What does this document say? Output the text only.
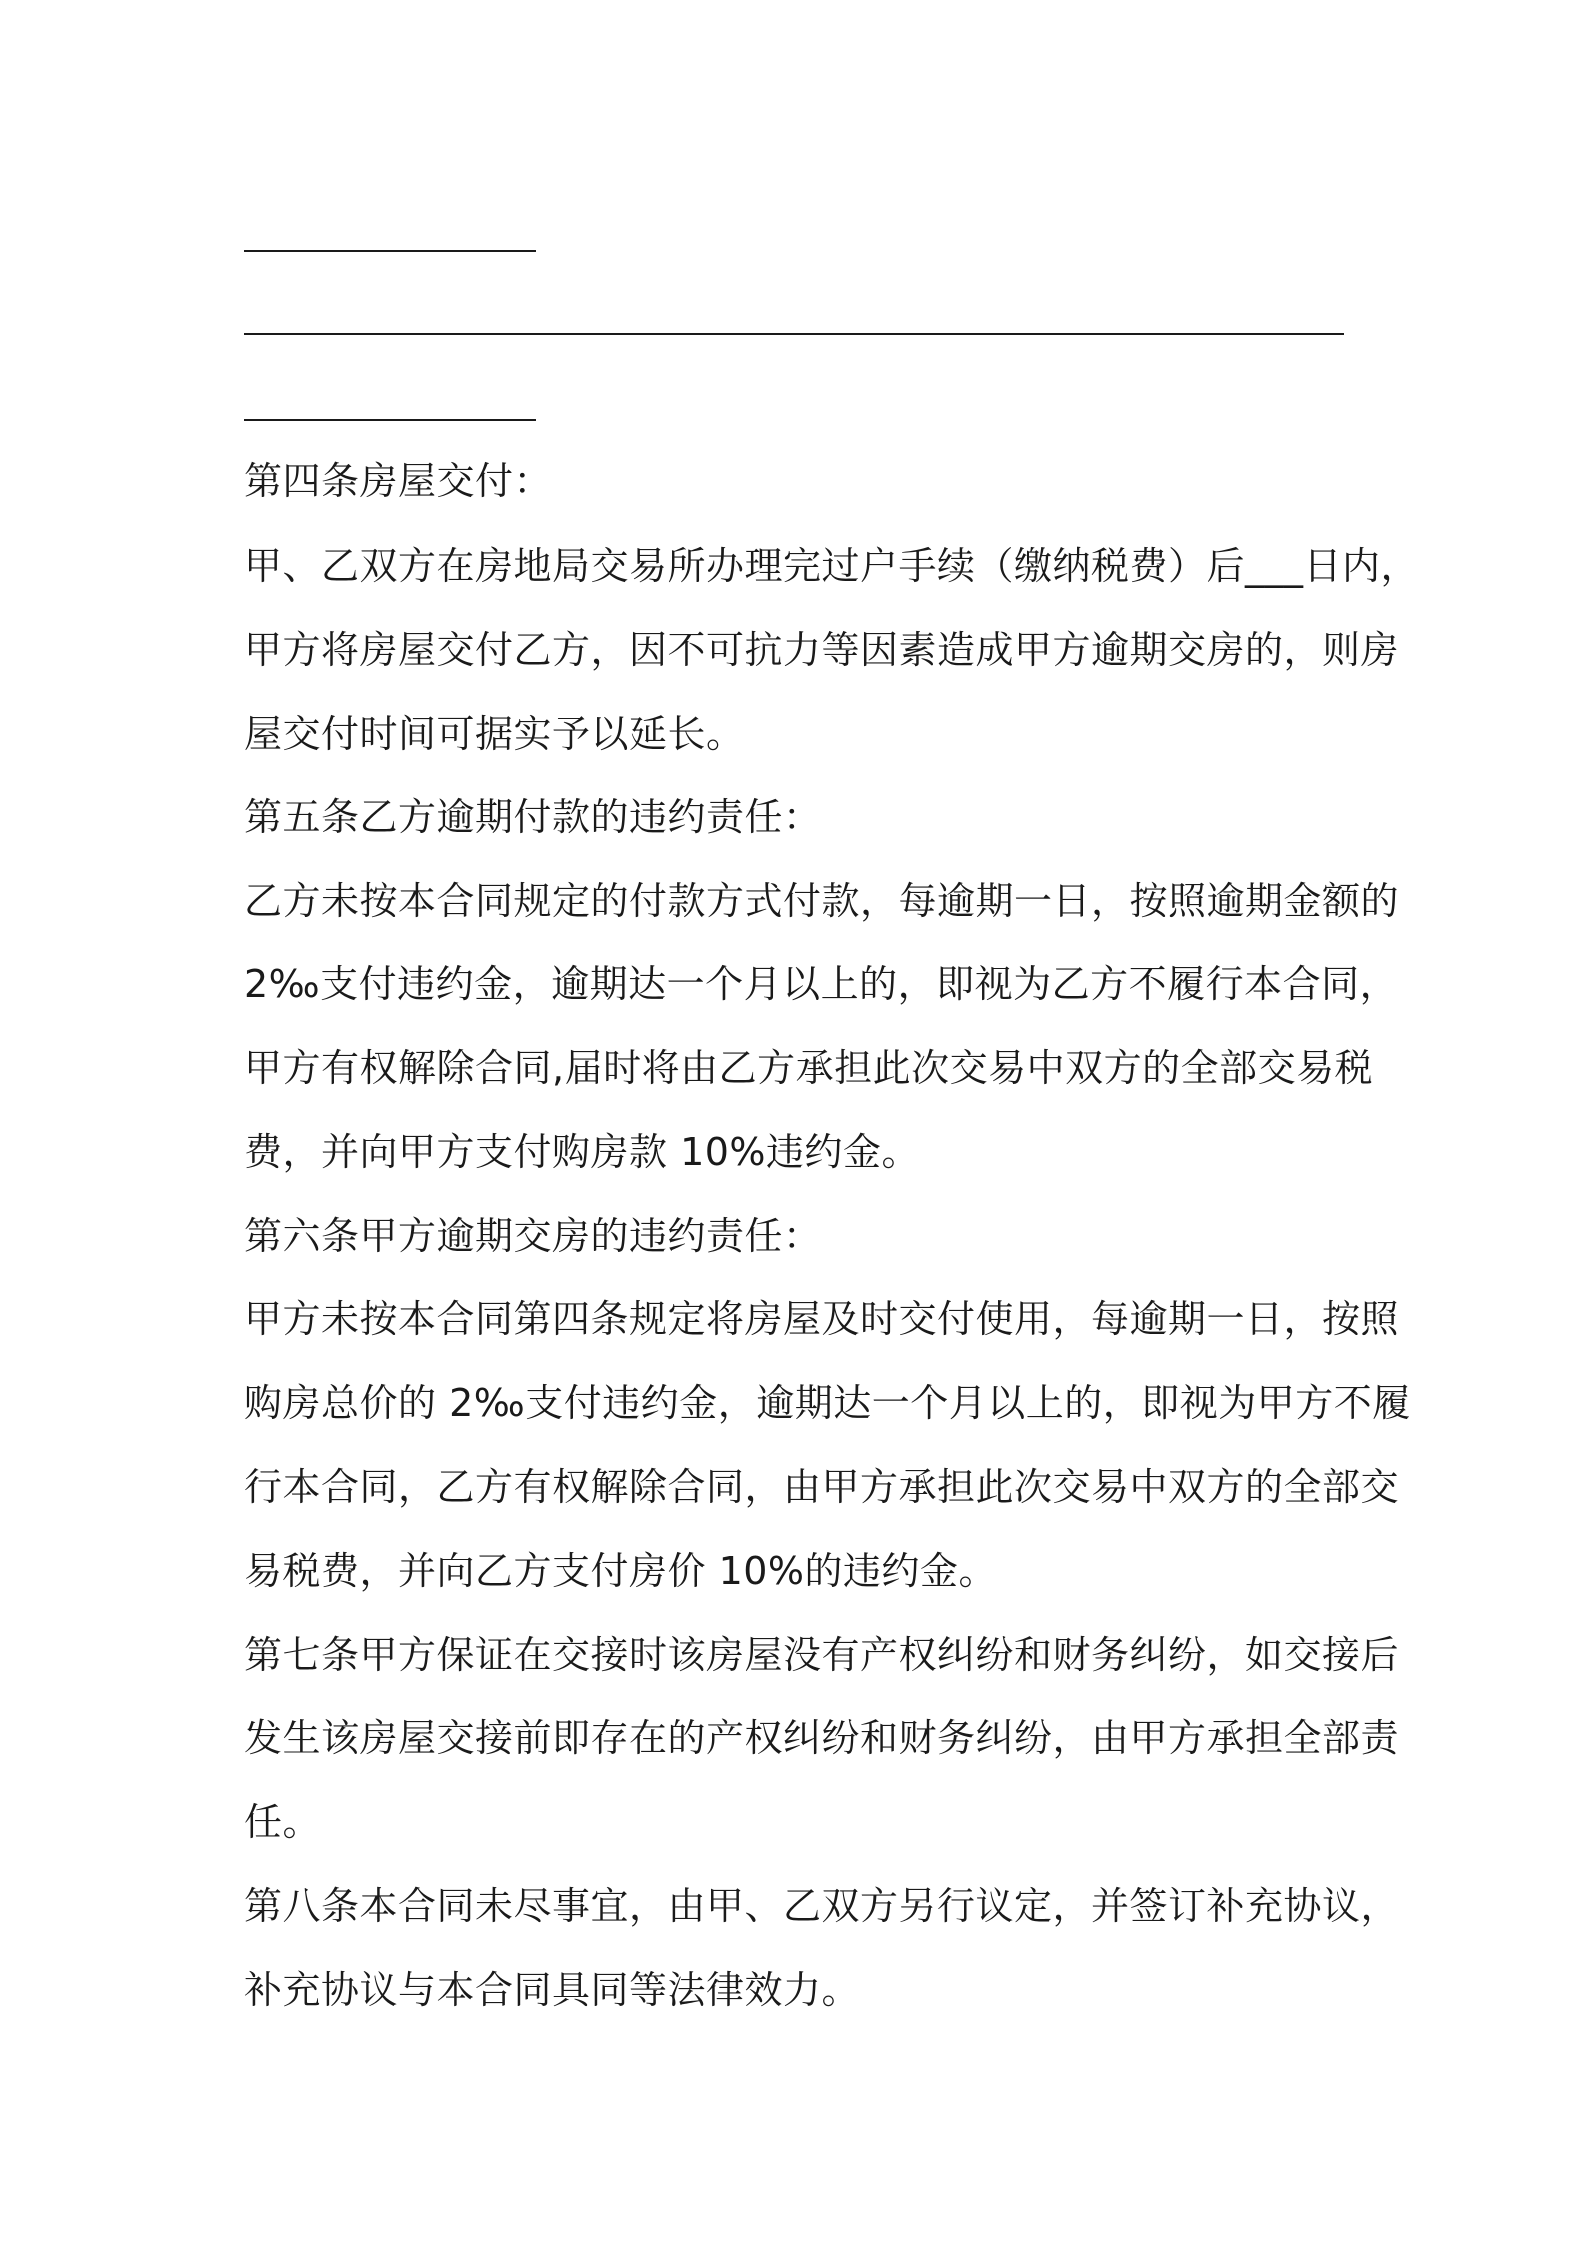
第四条房屋交付：
甲、乙双方在房地局交易所办理完过户手续（缴纳税费）后___日内，
甲方将房屋交付乙方，因不可抗力等因素造成甲方逾期交房的，则房
屋交付时间可据实予以延长。
第五条乙方逾期付款的违约责任：
乙方未按本合同规定的付款方式付款，每逾期一日，按照逾期金额的
2‰支付违约金，逾期达一个月以上的，即视为乙方不履行本合同，
甲方有权解除合同,届时将由乙方承担此次交易中双方的全部交易税
费，并向甲方支付购房款 10%违约金。
第六条甲方逾期交房的违约责任：
甲方未按本合同第四条规定将房屋及时交付使用，每逾期一日，按照
购房总价的 2‰支付违约金，逾期达一个月以上的，即视为甲方不履
行本合同，乙方有权解除合同，由甲方承担此次交易中双方的全部交
易税费，并向乙方支付房价 10%的违约金。
第七条甲方保证在交接时该房屋没有产权纠纷和财务纠纷，如交接后
发生该房屋交接前即存在的产权纠纷和财务纠纷，由甲方承担全部责
任。
第八条本合同未尽事宜，由甲、乙双方另行议定，并签订补充协议，
补充协议与本合同具同等法律效力。
